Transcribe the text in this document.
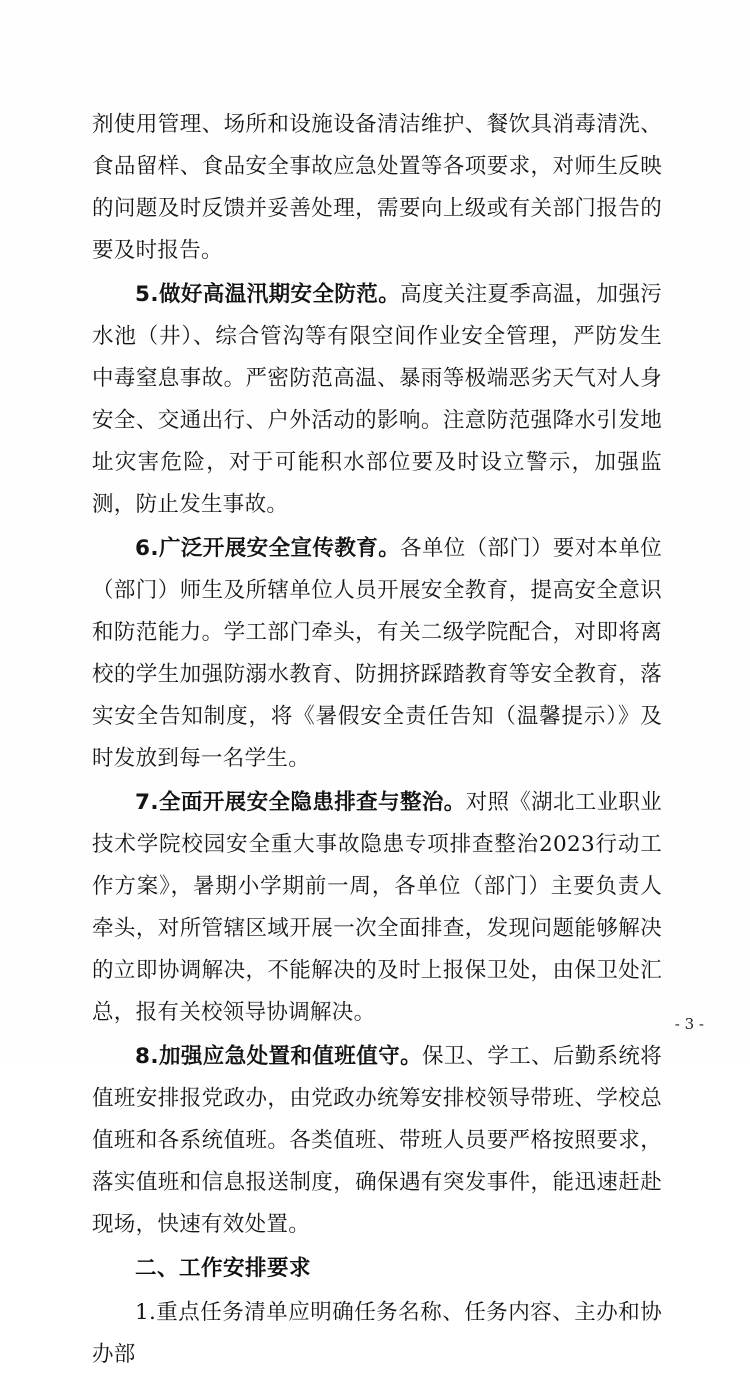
剂使用管理、场所和设施设备清洁维护、餐饮具消毒清洗、食品留样、食品安全事故应急处置等各项要求，对师生反映的问题及时反馈并妥善处理，需要向上级或有关部门报告的要及时报告。

5.做好高温汛期安全防范。高度关注夏季高温，加强污水池（井）、综合管沟等有限空间作业安全管理，严防发生中毒窒息事故。严密防范高温、暴雨等极端恶劣天气对人身安全、交通出行、户外活动的影响。注意防范强降水引发地址灾害危险，对于可能积水部位要及时设立警示，加强监测，防止发生事故。

6.广泛开展安全宣传教育。各单位（部门）要对本单位（部门）师生及所辖单位人员开展安全教育，提高安全意识和防范能力。学工部门牵头，有关二级学院配合，对即将离校的学生加强防溺水教育、防拥挤踩踏教育等安全教育，落实安全告知制度，将《暑假安全责任告知（温馨提示）》及时发放到每一名学生。

7.全面开展安全隐患排查与整治。对照《湖北工业职业技术学院校园安全重大事故隐患专项排查整治2023行动工作方案》，暑期小学期前一周，各单位（部门）主要负责人牵头，对所管辖区域开展一次全面排查，发现问题能够解决的立即协调解决，不能解决的及时上报保卫处，由保卫处汇总，报有关校领导协调解决。

8.加强应急处置和值班值守。保卫、学工、后勤系统将值班安排报党政办，由党政办统筹安排校领导带班、学校总值班和各系统值班。各类值班、带班人员要严格按照要求，落实值班和信息报送制度，确保遇有突发事件，能迅速赶赴现场，快速有效处置。

二、工作安排要求

1.重点任务清单应明确任务名称、任务内容、主办和协办部

- 3 -
